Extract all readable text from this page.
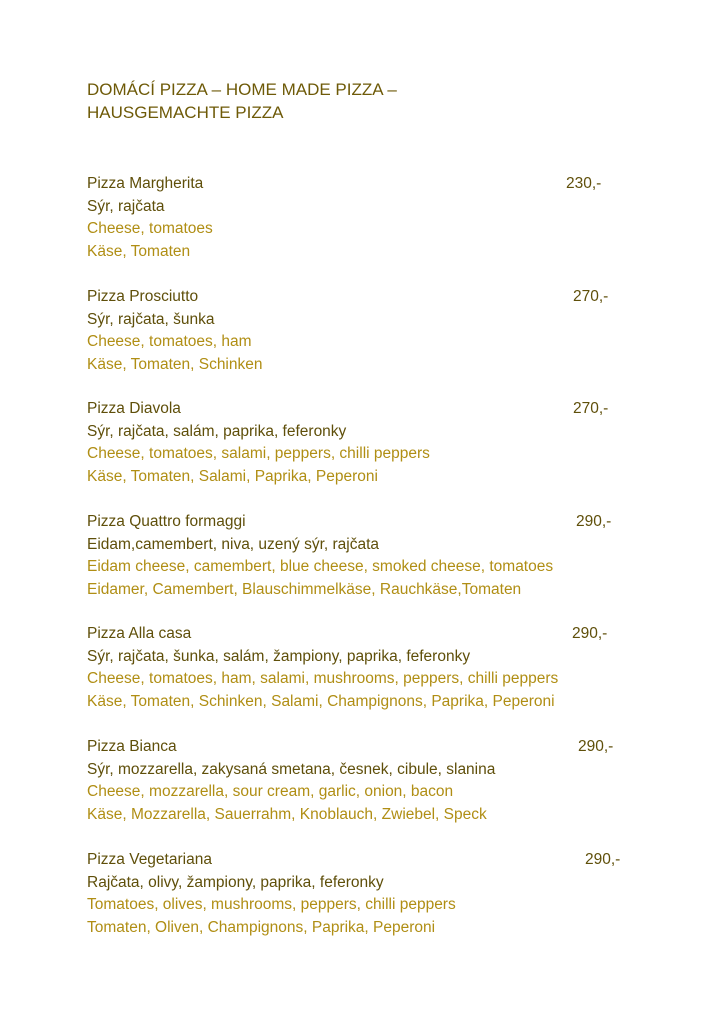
DOMÁCÍ PIZZA – HOME MADE PIZZA –
HAUSGEMACHTE PIZZA
Pizza Margherita	230,-
Sýr, rajčata
Cheese, tomatoes
Käse, Tomaten
Pizza Prosciutto	270,-
Sýr, rajčata, šunka
Cheese, tomatoes, ham
Käse, Tomaten, Schinken
Pizza Diavola	270,-
Sýr, rajčata, salám, paprika, feferonky
Cheese, tomatoes, salami, peppers, chilli peppers
Käse, Tomaten, Salami, Paprika, Peperoni
Pizza Quattro formaggi	290,-
Eidam,camembert, niva, uzený sýr, rajčata
Eidam cheese, camembert, blue cheese, smoked cheese, tomatoes
Eidamer, Camembert, Blauschimmelkäse, Rauchkäse,Tomaten
Pizza Alla casa	290,-
Sýr, rajčata, šunka, salám, žampiony, paprika, feferonky
Cheese, tomatoes, ham, salami, mushrooms, peppers, chilli peppers
Käse, Tomaten, Schinken, Salami, Champignons, Paprika, Peperoni
Pizza Bianca	290,-
Sýr, mozzarella, zakysaná smetana, česnek, cibule, slanina
Cheese, mozzarella, sour cream, garlic, onion, bacon
Käse, Mozzarella, Sauerrahm, Knoblauch, Zwiebel, Speck
Pizza Vegetariana	290,-
Rajčata, olivy, žampiony, paprika, feferonky
Tomatoes, olives, mushrooms, peppers, chilli peppers
Tomaten, Oliven, Champignons, Paprika, Peperoni
